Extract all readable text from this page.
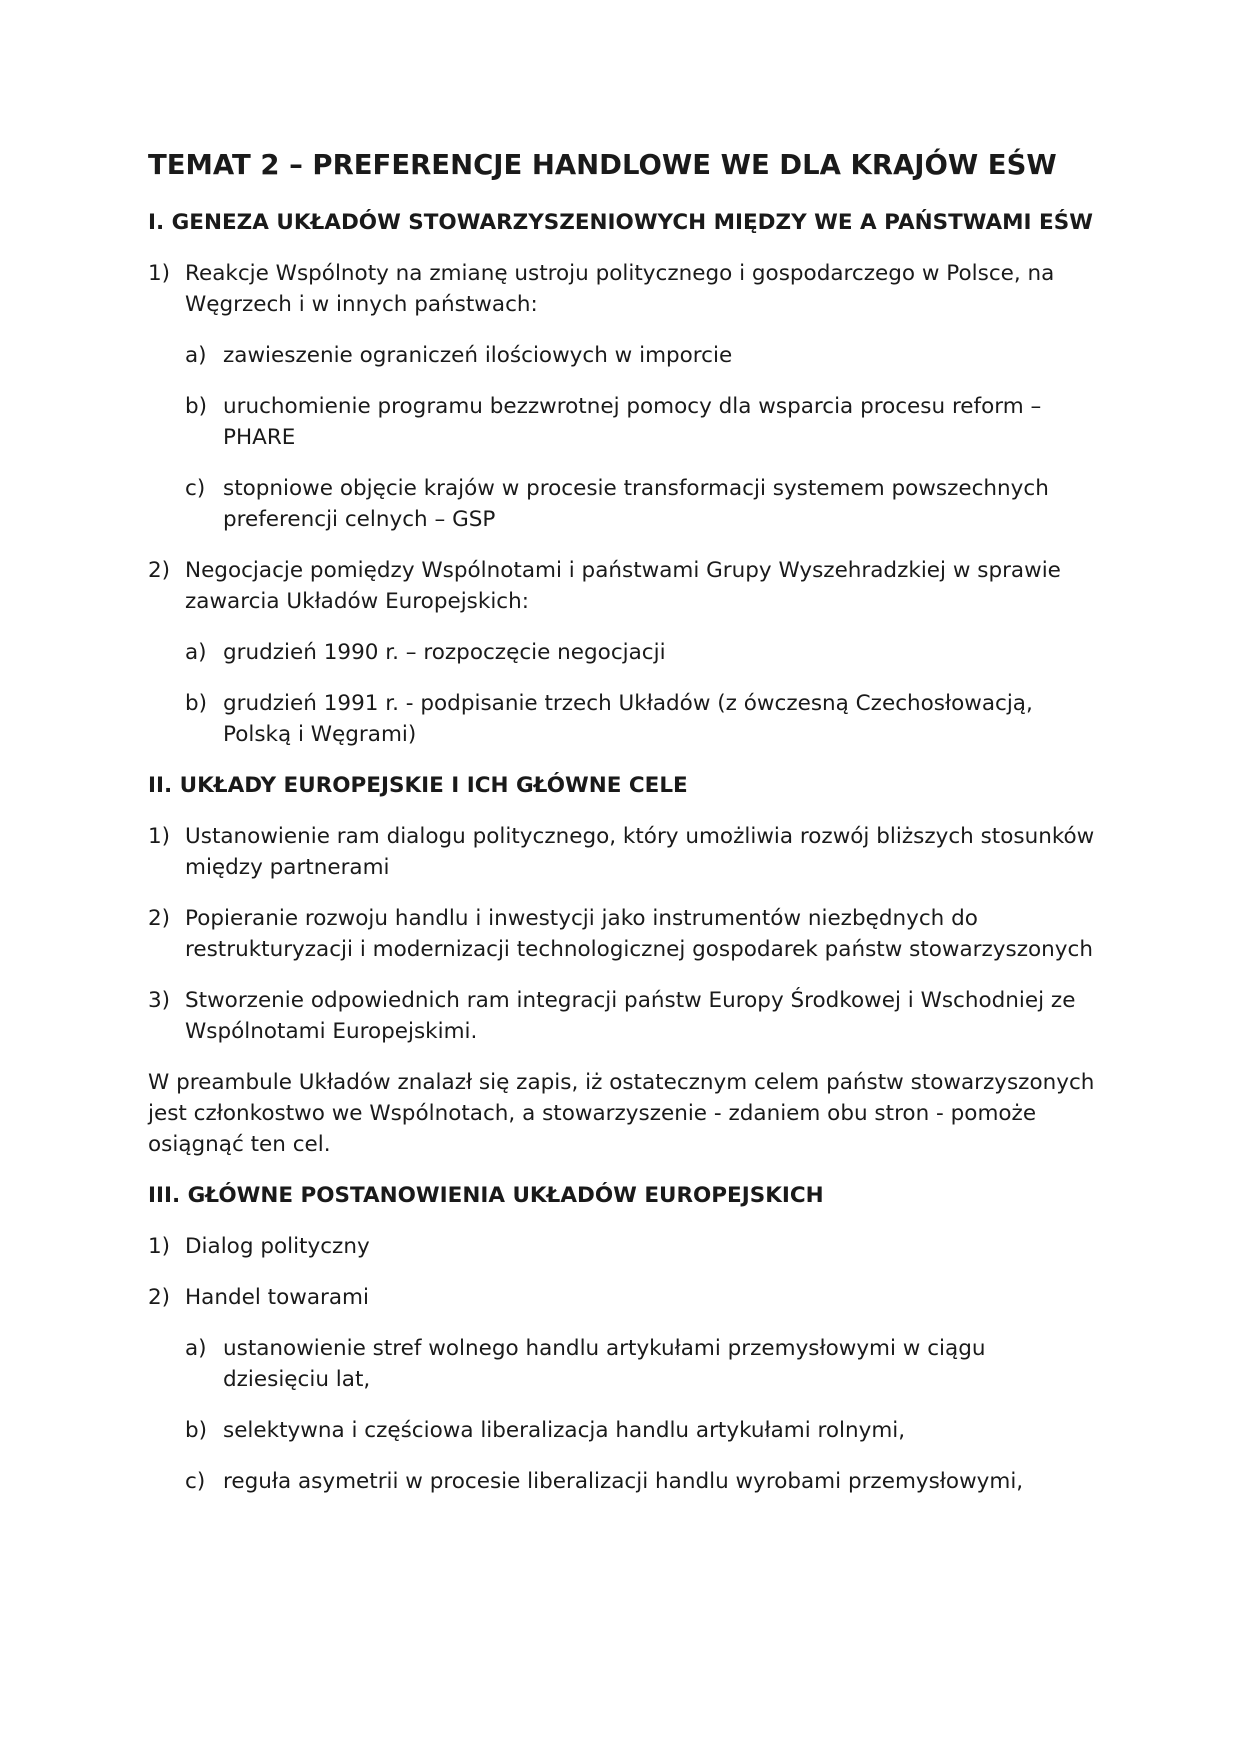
TEMAT 2 – PREFERENCJE HANDLOWE WE DLA KRAJÓW EŚW
I. GENEZA UKŁADÓW STOWARZYSZENIOWYCH MIĘDZY WE A PAŃSTWAMI EŚW
1) Reakcje Wspólnoty na zmianę ustroju politycznego i gospodarczego w Polsce, na Węgrzech i w innych państwach:
a) zawieszenie ograniczeń ilościowych w imporcie
b) uruchomienie programu bezzwrotnej pomocy dla wsparcia procesu reform – PHARE
c) stopniowe objęcie krajów w procesie transformacji systemem powszechnych preferencji celnych – GSP
2) Negocjacje pomiędzy Wspólnotami i państwami Grupy Wyszehradzkiej w sprawie zawarcia Układów Europejskich:
a) grudzień 1990 r. – rozpoczęcie negocjacji
b) grudzień 1991 r. - podpisanie trzech Układów (z ówczesną Czechosłowacją, Polską i Węgrami)
II. UKŁADY EUROPEJSKIE I ICH GŁÓWNE CELE
1) Ustanowienie ram dialogu politycznego, który umożliwia rozwój bliższych stosunków między partnerami
2) Popieranie rozwoju handlu i inwestycji jako instrumentów niezbędnych do restrukturyzacji i modernizacji technologicznej gospodarek państw stowarzyszonych
3) Stworzenie odpowiednich ram integracji państw Europy Środkowej i Wschodniej ze Wspólnotami Europejskimi.
W preambule Układów znalazł się zapis, iż ostatecznym celem państw stowarzyszonych jest członkostwo we Wspólnotach, a stowarzyszenie - zdaniem obu stron - pomoże osiągnąć ten cel.
III. GŁÓWNE POSTANOWIENIA UKŁADÓW EUROPEJSKICH
1) Dialog polityczny
2) Handel towarami
a) ustanowienie stref wolnego handlu artykułami przemysłowymi w ciągu dziesięciu lat,
b) selektywna i częściowa liberalizacja handlu artykułami rolnymi,
c) reguła asymetrii w procesie liberalizacji handlu wyrobami przemysłowymi,
